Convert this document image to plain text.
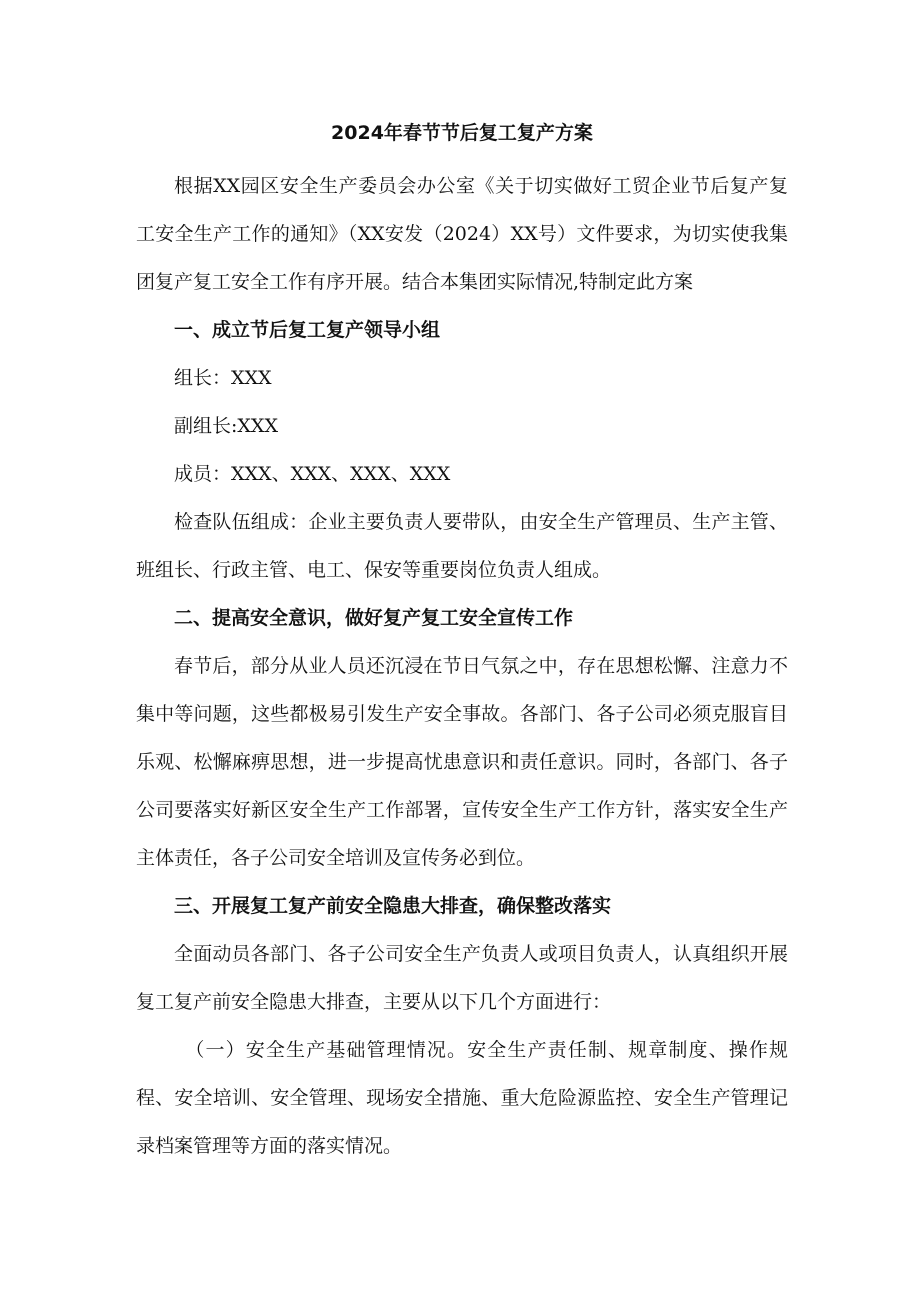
2024年春节节后复工复产方案

根据XX园区安全生产委员会办公室《关于切实做好工贸企业节后复产复工安全生产工作的通知》（XX安发（2024）XX号）文件要求，为切实使我集团复产复工安全工作有序开展。结合本集团实际情况,特制定此方案

一、成立节后复工复产领导小组

组长：XXX

副组长:XXX

成员：XXX、XXX、XXX、XXX

检查队伍组成：企业主要负责人要带队，由安全生产管理员、生产主管、班组长、行政主管、电工、保安等重要岗位负责人组成。

二、提高安全意识，做好复产复工安全宣传工作

春节后，部分从业人员还沉浸在节日气氛之中，存在思想松懈、注意力不集中等问题，这些都极易引发生产安全事故。各部门、各子公司必须克服盲目乐观、松懈麻痹思想，进一步提高忧患意识和责任意识。同时，各部门、各子公司要落实好新区安全生产工作部署，宣传安全生产工作方针，落实安全生产主体责任，各子公司安全培训及宣传务必到位。

三、开展复工复产前安全隐患大排查，确保整改落实

全面动员各部门、各子公司安全生产负责人或项目负责人，认真组织开展复工复产前安全隐患大排查，主要从以下几个方面进行：

（一）安全生产基础管理情况。安全生产责任制、规章制度、操作规程、安全培训、安全管理、现场安全措施、重大危险源监控、安全生产管理记录档案管理等方面的落实情况。
